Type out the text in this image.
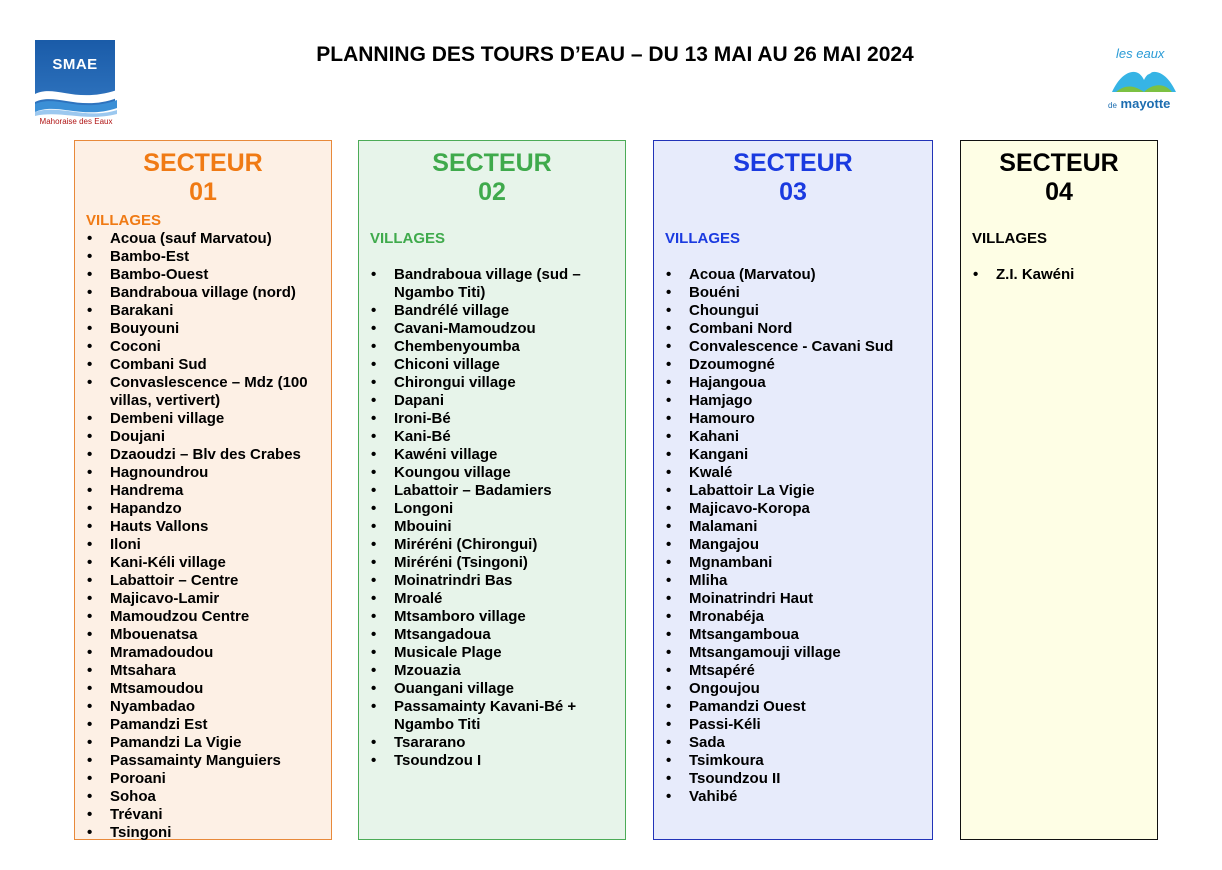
SMAE
Mahoraise des Eaux
PLANNING DES TOURS D’EAU – DU 13 MAI AU 26 MAI 2024	les eaux
de mayotte
SECTEUR
01
VILLAGES
• Acoua (sauf Marvatou)
• Bambo-Est
• Bambo-Ouest
• Bandraboua village (nord)
• Barakani
• Bouyouni
• Coconi
• Combani Sud
• Convaslescence – Mdz (100 villas, vertivert)
• Dembeni village
• Doujani
• Dzaoudzi – Blv des Crabes
• Hagnoundrou
• Handrema
• Hapandzo
• Hauts Vallons
• Iloni
• Kani-Kéli village
• Labattoir – Centre
• Majicavo-Lamir
• Mamoudzou Centre
• Mbouenatsa
• Mramadoudou
• Mtsahara
• Mtsamoudou
• Nyambadao
• Pamandzi Est
• Pamandzi La Vigie
• Passamainty Manguiers
• Poroani
• Sohoa
• Trévani
• Tsingoni
SECTEUR
02
VILLAGES
• Bandraboua village (sud – Ngambo Titi)
• Bandrélé village
• Cavani-Mamoudzou
• Chembenyoumba
• Chiconi village
• Chirongui village
• Dapani
• Ironi-Bé
• Kani-Bé
• Kawéni village
• Koungou village
• Labattoir – Badamiers
• Longoni
• Mbouini
• Miréréni (Chirongui)
• Miréréni (Tsingoni)
• Moinatrindri Bas
• Mroalé
• Mtsamboro village
• Mtsangadoua
• Musicale Plage
• Mzouazia
• Ouangani village
• Passamainty Kavani-Bé + Ngambo Titi
• Tsararano
• Tsoundzou I
SECTEUR
03
VILLAGES
• Acoua (Marvatou)
• Bouéni
• Choungui
• Combani Nord
• Convalescence - Cavani Sud
• Dzoumogné
• Hajangoua
• Hamjago
• Hamouro
• Kahani
• Kangani
• Kwalé
• Labattoir La Vigie
• Majicavo-Koropa
• Malamani
• Mangajou
• Mgnambani
• Mliha
• Moinatrindri Haut
• Mronabéja
• Mtsangamboua
• Mtsangamouji village
• Mtsapéré
• Ongoujou
• Pamandzi Ouest
• Passi-Kéli
• Sada
• Tsimkoura
• Tsoundzou II
• Vahibé
SECTEUR
04
VILLAGES
• Z.I. Kawéni
